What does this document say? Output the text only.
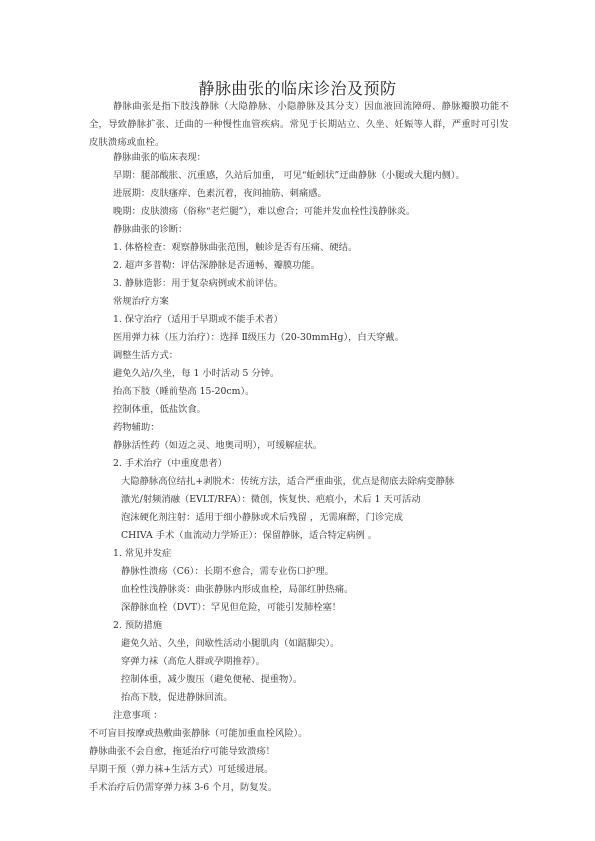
静脉曲张的临床诊治及预防
静脉曲张是指下肢浅静脉（大隐静脉、小隐静脉及其分支）因血液回流障碍、静脉瓣膜功能不全，导致静脉扩张、迁曲的一种慢性血管疾病。常见于长期站立、久坐、妊娠等人群，严重时可引发皮肤溃疡或血栓。
静脉曲张的临床表现：
早期：腿部酸胀、沉重感，久站后加重， 可见“蚯蚓状”迂曲静脉（小腿或大腿内侧）。
进展期：皮肤瘙痒、色素沉着，夜间抽筋、刺痛感。
晚期：皮肤溃疡（俗称“老烂腿”），难以愈合；可能并发血栓性浅静脉炎。
静脉曲张的诊断：
1. 体格检查：观察静脉曲张范围，触诊是否有压痛、硬结。
2. 超声多普勒：评估深静脉是否通畅、瓣膜功能。
3. 静脉造影：用于复杂病例或术前评估。
常规治疗方案
1. 保守治疗（适用于早期或不能手术者）
医用弹力袜（压力治疗）：选择 Ⅱ级压力（20-30mmHg），白天穿戴。
调整生活方式：
避免久站/久坐，每 1 小时活动 5 分钟。
抬高下肢（睡前垫高 15-20cm）。
控制体重，低盐饮食。
药物辅助：
静脉活性药（如迈之灵、地奥司明），可缓解症状。
2. 手术治疗（中重度患者）
大隐静脉高位结扎+剥脱术：传统方法，适合严重曲张，优点是彻底去除病变静脉
激光/射频消融（EVLT/RFA）：微创，恢复快、疤痕小，术后 1 天可活动
泡沫硬化剂注射：适用于细小静脉或术后残留 ，无需麻醉，门诊完成
CHIVA 手术（血流动力学矫正）：保留静脉，适合特定病例 。
1. 常见并发症
静脉性溃疡（C6）：长期不愈合，需专业伤口护理。
血栓性浅静脉炎：曲张静脉内形成血栓，局部红肿热痛。
深静脉血栓（DVT）：罕见但危险，可能引发肺栓塞！
2. 预防措施
避免久站、久坐，间歇性活动小腿肌肉（如踮脚尖）。
穿弹力袜（高危人群或孕期推荐）。
控制体重，减少腹压（避免便秘、提重物）。
抬高下肢，促进静脉回流。
注意事项 ：
不可盲目按摩或热敷曲张静脉（可能加重血栓风险）。
静脉曲张不会自愈，拖延治疗可能导致溃疡！
早期干预（弹力袜+生活方式）可延缓进展。
手术治疗后仍需穿弹力袜 3-6 个月，防复发。
